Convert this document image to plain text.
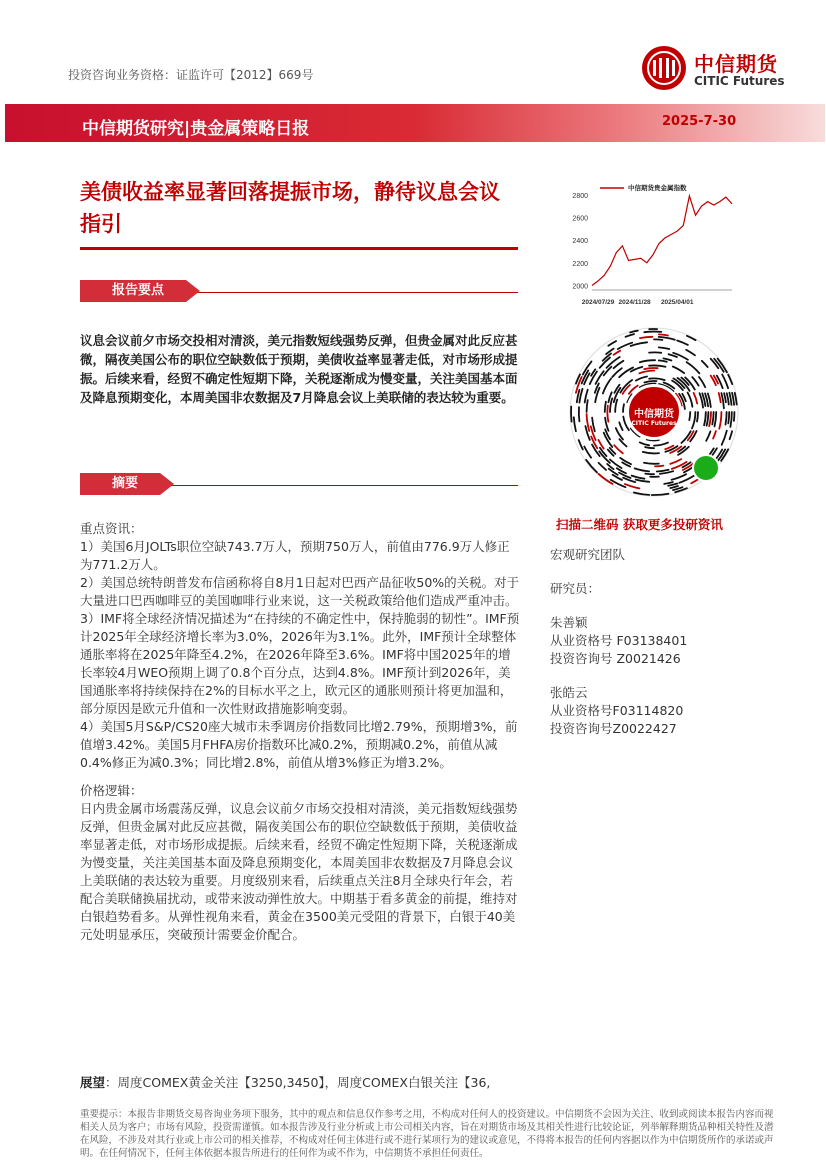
投资咨询业务资格：证监许可【2012】669号	中信期货
CITIC Futures
中信期货研究|贵金属策略日报	2025-7-30
美债收益率显著回落提振市场，静待议息会议指引
报告要点
议息会议前夕市场交投相对清淡，美元指数短线强势反弹，但贵金属对此反应甚微，隔夜美国公布的职位空缺数低于预期，美债收益率显著走低，对市场形成提振。后续来看，经贸不确定性短期下降，关税逐渐成为慢变量，关注美国基本面及降息预期变化，本周美国非农数据及7月降息会议上美联储的表达较为重要。
摘要

重点资讯：

1）美国6月JOLTs职位空缺743.7万人，预期750万人，前值由776.9万人修正为771.2万人。

2）美国总统特朗普发布信函称将自8月1日起对巴西产品征收50%的关税。对于大量进口巴西咖啡豆的美国咖啡行业来说，这一关税政策给他们造成严重冲击。

3）IMF将全球经济情况描述为“在持续的不确定性中，保持脆弱的韧性”。IMF预计2025年全球经济增长率为3.0%，2026年为3.1%。此外，IMF预计全球整体通胀率将在2025年降至4.2%，在2026年降至3.6%。IMF将中国2025年的增长率较4月WEO预期上调了0.8个百分点，达到4.8%。IMF预计到2026年，美国通胀率将持续保持在2%的目标水平之上，欧元区的通胀则预计将更加温和，部分原因是欧元升值和一次性财政措施影响变弱。

4）美国5月S&P/CS20座大城市未季调房价指数同比增2.79%，预期增3%，前值增3.42%。美国5月FHFA房价指数环比减0.2%，预期减0.2%，前值从减0.4%修正为减0.3%；同比增2.8%，前值从增3%修正为增3.2%。

价格逻辑：

日内贵金属市场震荡反弹，议息会议前夕市场交投相对清淡，美元指数短线强势反弹，但贵金属对此反应甚微，隔夜美国公布的职位空缺数低于预期，美债收益率显著走低，对市场形成提振。后续来看，经贸不确定性短期下降，关税逐渐成为慢变量，关注美国基本面及降息预期变化，本周美国非农数据及7月降息会议上美联储的表达较为重要。月度级别来看，后续重点关注8月全球央行年会，若配合美联储换届扰动，或带来波动弹性放大。中期基于看多黄金的前提，维持对白银趋势看多。从弹性视角来看，黄金在3500美元受阻的背景下，白银于40美元处明显承压，突破预计需要金价配合。

展望：周度COMEX黄金关注【3250,3450】，周度COMEX白银关注【36,
重要提示：本报告非期货交易咨询业务项下服务，其中的观点和信息仅作参考之用，不构成对任何人的投资建议。中信期货不会因为关注、收到或阅读本报告内容而视相关人员为客户；市场有风险，投资需谨慎。如本报告涉及行业分析或上市公司相关内容，旨在对期货市场及其相关性进行比较论证，列举解释期货品种相关特性及潜在风险，不涉及对其行业或上市公司的相关推荐，不构成对任何主体进行或不进行某项行为的建议或意见，不得将本报告的任何内容据以作为中信期货所作的承诺或声明。在任何情况下，任何主体依据本报告所进行的任何作为或不作为，中信期货不承担任何责任。
2000
2200
2400
2600
2800
2024/07/29 2024/11/28 2025/04/01
中信期货贵金属指数
中信期货
CITIC Futures
扫描二维码 获取更多投研资讯

宏观研究团队

研究员：

朱善颖

从业资格号 F03138401

投资咨询号 Z0021426

张皓云

从业资格号F03114820

投资咨询号Z0022427
